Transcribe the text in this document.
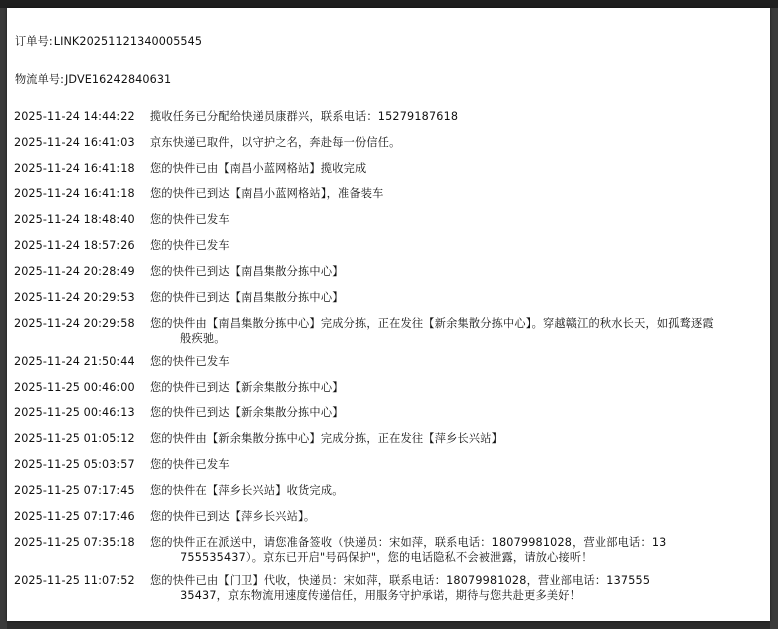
订单号:LINK20251121340005545
物流单号:JDVE16242840631
2025-11-24 14:44:22 揽收任务已分配给快递员康群兴，联系电话：15279187618
2025-11-24 16:41:03 京东快递已取件，以守护之名，奔赴每一份信任。
2025-11-24 16:41:18 您的快件已由【南昌小蓝网格站】揽收完成
2025-11-24 16:41:18 您的快件已到达【南昌小蓝网格站】，准备装车
2025-11-24 18:48:40 您的快件已发车
2025-11-24 18:57:26 您的快件已发车
2025-11-24 20:28:49 您的快件已到达【南昌集散分拣中心】
2025-11-24 20:29:53 您的快件已到达【南昌集散分拣中心】
2025-11-24 20:29:58 您的快件由【南昌集散分拣中心】完成分拣，正在发往【新余集散分拣中心】。穿越赣江的秋水长天，如孤鹜逐霞
般疾驰。
2025-11-24 21:50:44 您的快件已发车
2025-11-25 00:46:00 您的快件已到达【新余集散分拣中心】
2025-11-25 00:46:13 您的快件已到达【新余集散分拣中心】
2025-11-25 01:05:12 您的快件由【新余集散分拣中心】完成分拣，正在发往【萍乡长兴站】
2025-11-25 05:03:57 您的快件已发车
2025-11-25 07:17:45 您的快件在【萍乡长兴站】收货完成。
2025-11-25 07:17:46 您的快件已到达【萍乡长兴站】。
2025-11-25 07:35:18 您的快件正在派送中，请您准备签收（快递员：宋如萍，联系电话：18079981028，营业部电话：13
755535437）。京东已开启"号码保护"，您的电话隐私不会被泄露，请放心接听！
2025-11-25 11:07:52 您的快件已由【门卫】代收，快递员：宋如萍，联系电话：18079981028，营业部电话：137555
35437，京东物流用速度传递信任，用服务守护承诺，期待与您共赴更多美好！
